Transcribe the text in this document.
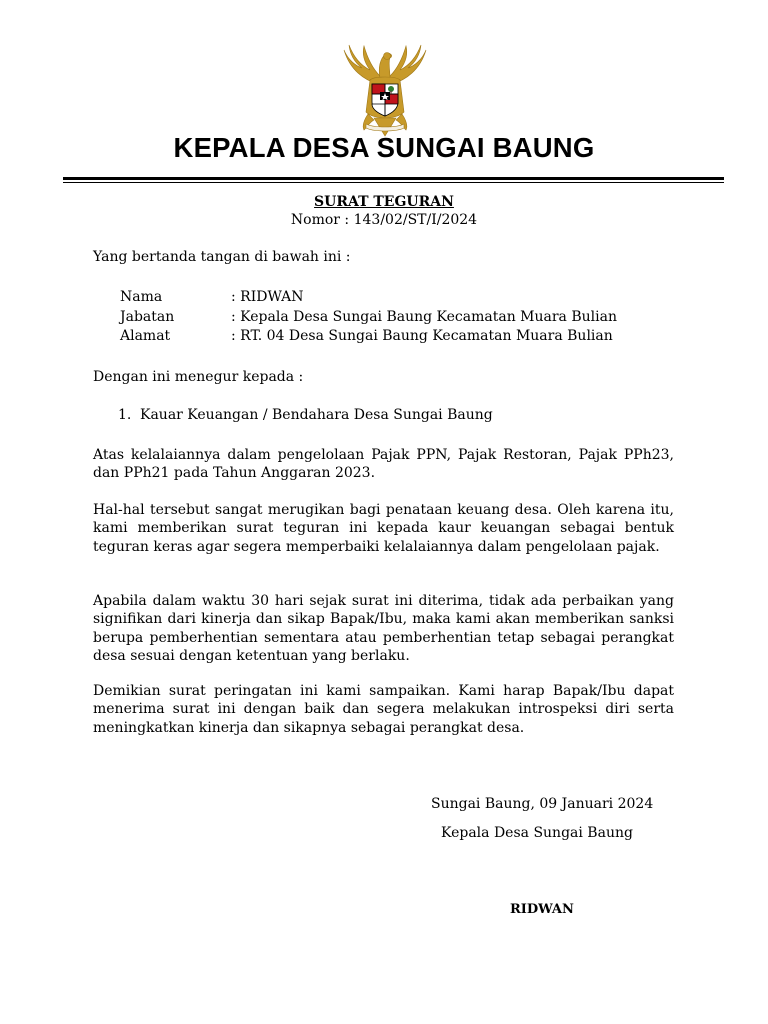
KEPALA DESA SUNGAI BAUNG
SURAT TEGURAN
Nomor : 143/02/ST/I/2024
Yang bertanda tangan di bawah ini :
Nama	: RIDWAN
Jabatan	: Kepala Desa Sungai Baung Kecamatan Muara Bulian
Alamat	: RT. 04 Desa Sungai Baung Kecamatan Muara Bulian
Dengan ini menegur kepada :
1. Kauar Keuangan / Bendahara Desa Sungai Baung
Atas kelalaiannya dalam pengelolaan Pajak PPN, Pajak Restoran, Pajak PPh23, dan PPh21 pada Tahun Anggaran 2023.
Hal-hal tersebut sangat merugikan bagi penataan keuang desa. Oleh karena itu, kami memberikan surat teguran ini kepada kaur keuangan sebagai bentuk teguran keras agar segera memperbaiki kelalaiannya dalam pengelolaan pajak.
Apabila dalam waktu 30 hari sejak surat ini diterima, tidak ada perbaikan yang signifikan dari kinerja dan sikap Bapak/Ibu, maka kami akan memberikan sanksi berupa pemberhentian sementara atau pemberhentian tetap sebagai perangkat desa sesuai dengan ketentuan yang berlaku.
Demikian surat peringatan ini kami sampaikan. Kami harap Bapak/Ibu dapat menerima surat ini dengan baik dan segera melakukan introspeksi diri serta meningkatkan kinerja dan sikapnya sebagai perangkat desa.
Sungai Baung, 09 Januari 2024
Kepala Desa Sungai Baung
RIDWAN
